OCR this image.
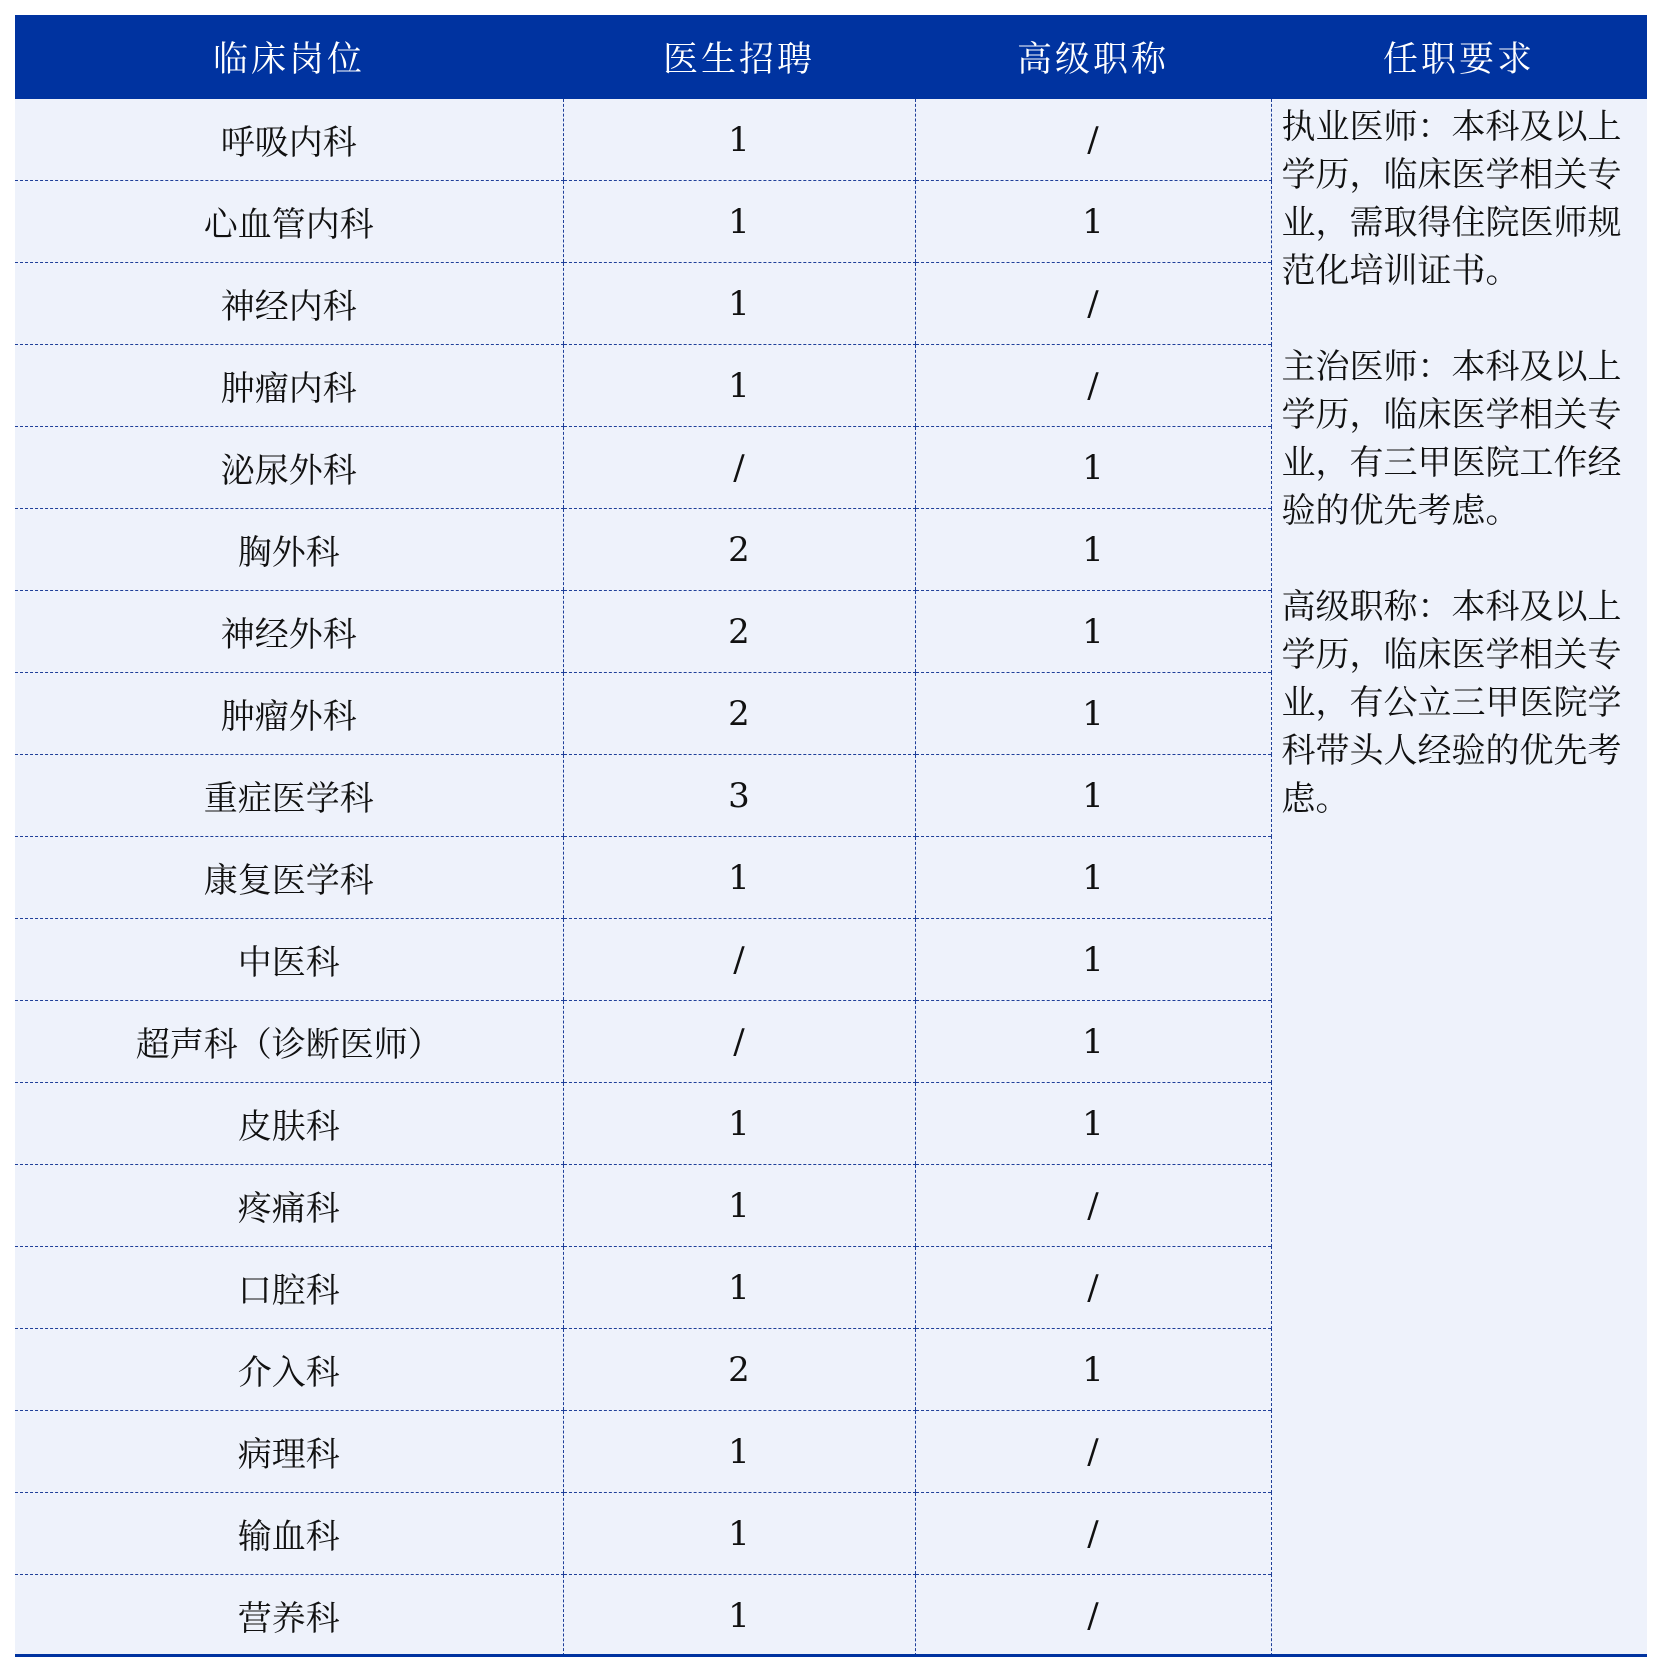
临床岗位	医生招聘	高级职称	任职要求
呼吸内科	1	/	执业医师：本科及以上学历，临床医学相关专业，需取得住院医师规范化培训证书。

主治医师：本科及以上学历，临床医学相关专业，有三甲医院工作经验的优先考虑。

高级职称：本科及以上学历，临床医学相关专业，有公立三甲医院学科带头人经验的优先考虑。

心血管内科	1	1	
神经内科	1	/	
肿瘤内科	1	/	
泌尿外科	/	1	
胸外科	2	1	
神经外科	2	1	
肿瘤外科	2	1	
重症医学科	3	1	
康复医学科	1	1	
中医科	/	1	
超声科（诊断医师）	/	1	
皮肤科	1	1	
疼痛科	1	/	
口腔科	1	/	
介入科	2	1	
病理科	1	/	
输血科	1	/	
营养科	1	/	
